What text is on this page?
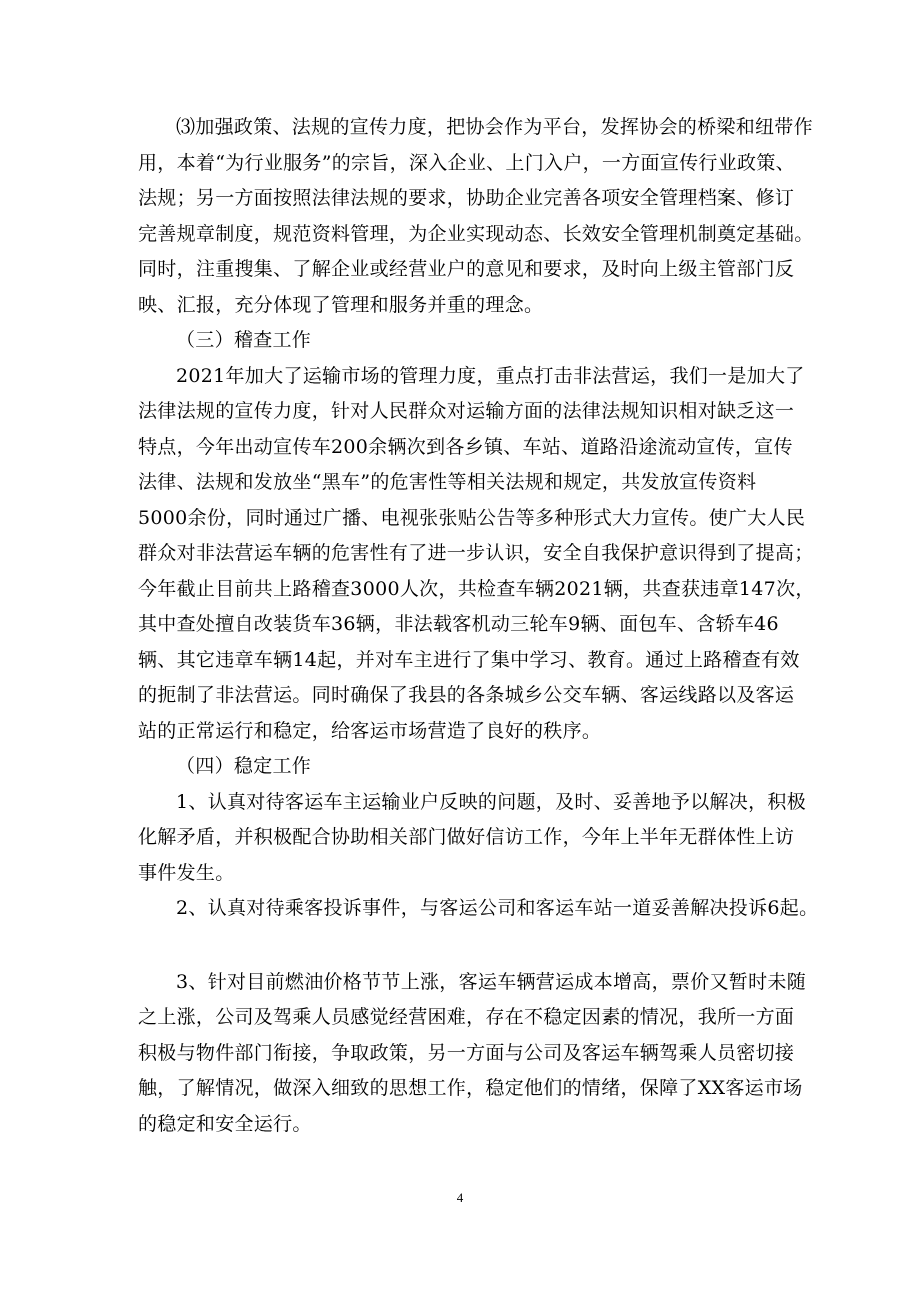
⑶加强政策、法规的宣传力度，把协会作为平台，发挥协会的桥梁和纽带作
用，本着“为行业服务”的宗旨，深入企业、上门入户，一方面宣传行业政策、
法规；另一方面按照法律法规的要求，协助企业完善各项安全管理档案、修订
完善规章制度，规范资料管理，为企业实现动态、长效安全管理机制奠定基础。
同时，注重搜集、了解企业或经营业户的意见和要求，及时向上级主管部门反
映、汇报，充分体现了管理和服务并重的理念。
（三）稽查工作
2021年加大了运输市场的管理力度，重点打击非法营运，我们一是加大了
法律法规的宣传力度，针对人民群众对运输方面的法律法规知识相对缺乏这一
特点，今年出动宣传车200余辆次到各乡镇、车站、道路沿途流动宣传，宣传
法律、法规和发放坐“黑车”的危害性等相关法规和规定，共发放宣传资料
5000余份，同时通过广播、电视张张贴公告等多种形式大力宣传。使广大人民
群众对非法营运车辆的危害性有了进一步认识，安全自我保护意识得到了提高；
今年截止目前共上路稽查3000人次，共检查车辆2021辆，共查获违章147次，
其中查处擅自改装货车36辆，非法载客机动三轮车9辆、面包车、含轿车46
辆、其它违章车辆14起，并对车主进行了集中学习、教育。通过上路稽查有效
的扼制了非法营运。同时确保了我县的各条城乡公交车辆、客运线路以及客运
站的正常运行和稳定，给客运市场营造了良好的秩序。
（四）稳定工作
1、认真对待客运车主运输业户反映的问题，及时、妥善地予以解决，积极
化解矛盾，并积极配合协助相关部门做好信访工作，今年上半年无群体性上访
事件发生。
2、认真对待乘客投诉事件，与客运公司和客运车站一道妥善解决投诉6起。
3、针对目前燃油价格节节上涨，客运车辆营运成本增高，票价又暂时未随
之上涨，公司及驾乘人员感觉经营困难，存在不稳定因素的情况，我所一方面
积极与物件部门衔接，争取政策，另一方面与公司及客运车辆驾乘人员密切接
触，了解情况，做深入细致的思想工作，稳定他们的情绪，保障了XX客运市场
的稳定和安全运行。
4
